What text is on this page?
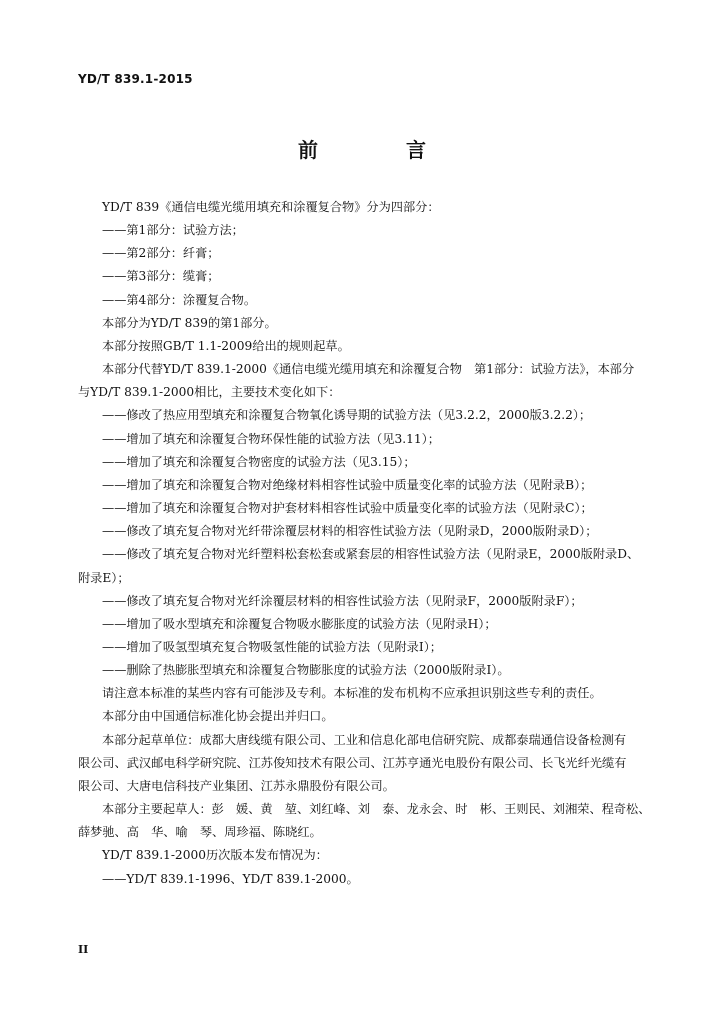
YD/T 839.1-2015
前　言
YD/T 839《通信电缆光缆用填充和涂覆复合物》分为四部分：
——第1部分：试验方法；
——第2部分：纤膏；
——第3部分：缆膏；
——第4部分：涂覆复合物。
本部分为YD/T 839的第1部分。
本部分按照GB/T 1.1-2009给出的规则起草。
本部分代替YD/T 839.1-2000《通信电缆光缆用填充和涂覆复合物　第1部分：试验方法》，本部分
与YD/T 839.1-2000相比，主要技术变化如下：
——修改了热应用型填充和涂覆复合物氧化诱导期的试验方法（见3.2.2，2000版3.2.2）；
——增加了填充和涂覆复合物环保性能的试验方法（见3.11）；
——增加了填充和涂覆复合物密度的试验方法（见3.15）；
——增加了填充和涂覆复合物对绝缘材料相容性试验中质量变化率的试验方法（见附录B）；
——增加了填充和涂覆复合物对护套材料相容性试验中质量变化率的试验方法（见附录C）；
——修改了填充复合物对光纤带涂覆层材料的相容性试验方法（见附录D，2000版附录D）；
——修改了填充复合物对光纤塑料松套松套或紧套层的相容性试验方法（见附录E，2000版附录D、
附录E）；
——修改了填充复合物对光纤涂覆层材料的相容性试验方法（见附录F，2000版附录F）；
——增加了吸水型填充和涂覆复合物吸水膨胀度的试验方法（见附录H）；
——增加了吸氢型填充复合物吸氢性能的试验方法（见附录I）；
——删除了热膨胀型填充和涂覆复合物膨胀度的试验方法（2000版附录I）。
请注意本标准的某些内容有可能涉及专利。本标准的发布机构不应承担识别这些专利的责任。
本部分由中国通信标准化协会提出并归口。
本部分起草单位：成都大唐线缆有限公司、工业和信息化部电信研究院、成都泰瑞通信设备检测有
限公司、武汉邮电科学研究院、江苏俊知技术有限公司、江苏亨通光电股份有限公司、长飞光纤光缆有
限公司、大唐电信科技产业集团、江苏永鼎股份有限公司。
本部分主要起草人：彭　媛、黄　堃、刘红峰、刘　泰、龙永会、时　彬、王则民、刘湘荣、程奇松、
薛梦驰、高　华、喻　琴、周珍福、陈晓红。
YD/T 839.1-2000历次版本发布情况为：
——YD/T 839.1-1996、YD/T 839.1-2000。
II
